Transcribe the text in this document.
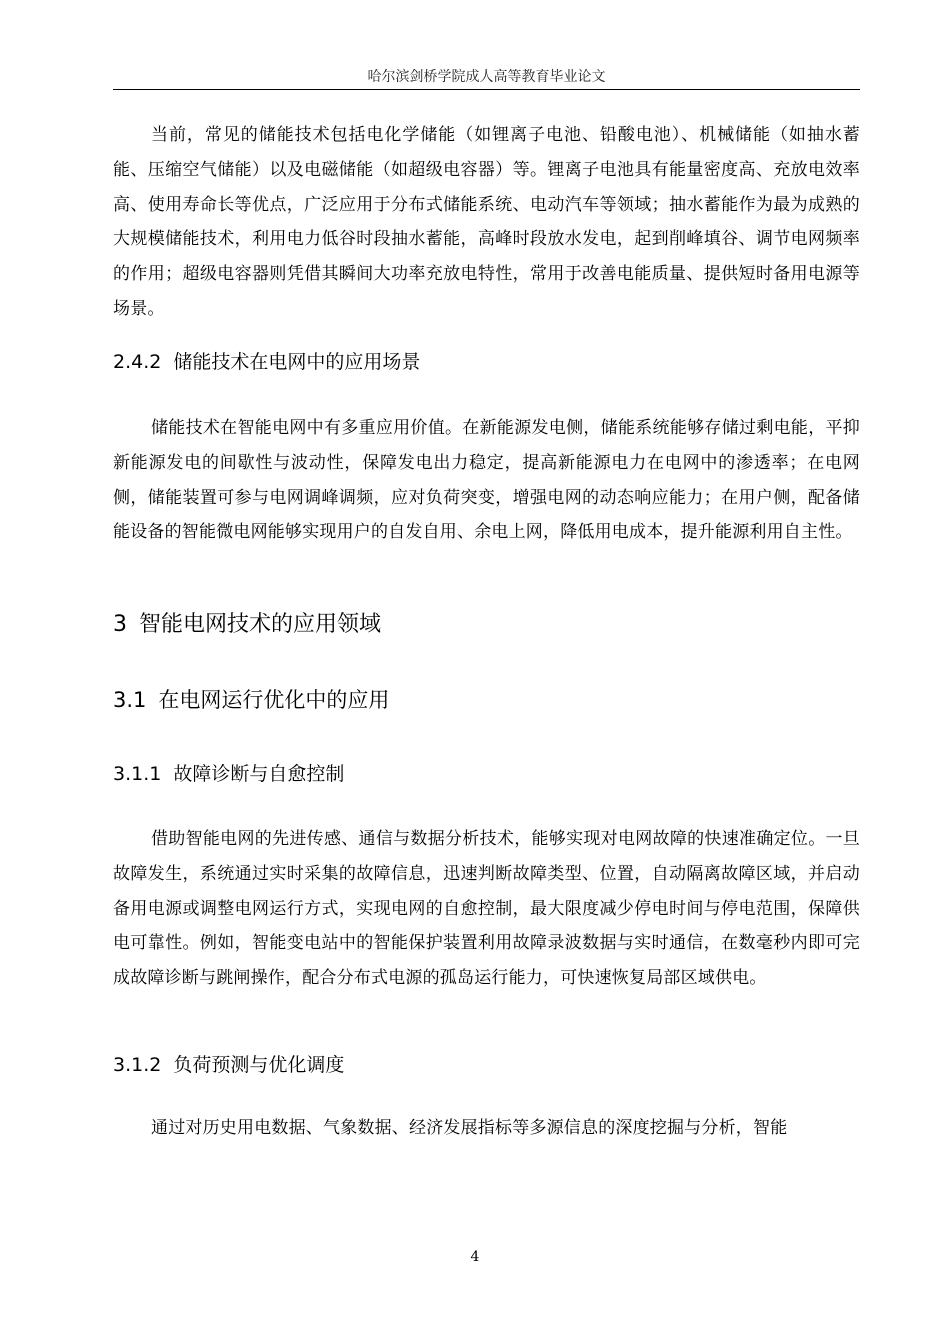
哈尔滨剑桥学院成人高等教育毕业论文

当前，常见的储能技术包括电化学储能（如锂离子电池、铅酸电池）、机械储能（如抽水蓄能、压缩空气储能）以及电磁储能（如超级电容器）等。锂离子电池具有能量密度高、充放电效率高、使用寿命长等优点，广泛应用于分布式储能系统、电动汽车等领域；抽水蓄能作为最为成熟的大规模储能技术，利用电力低谷时段抽水蓄能，高峰时段放水发电，起到削峰填谷、调节电网频率的作用；超级电容器则凭借其瞬间大功率充放电特性，常用于改善电能质量、提供短时备用电源等场景。

2.4.2 储能技术在电网中的应用场景

储能技术在智能电网中有多重应用价值。在新能源发电侧，储能系统能够存储过剩电能，平抑新能源发电的间歇性与波动性，保障发电出力稳定，提高新能源电力在电网中的渗透率；在电网侧，储能装置可参与电网调峰调频，应对负荷突变，增强电网的动态响应能力；在用户侧，配备储能设备的智能微电网能够实现用户的自发自用、余电上网，降低用电成本，提升能源利用自主性。

3 智能电网技术的应用领域
3.1 在电网运行优化中的应用
3.1.1 故障诊断与自愈控制

借助智能电网的先进传感、通信与数据分析技术，能够实现对电网故障的快速准确定位。一旦故障发生，系统通过实时采集的故障信息，迅速判断故障类型、位置，自动隔离故障区域，并启动备用电源或调整电网运行方式，实现电网的自愈控制，最大限度减少停电时间与停电范围，保障供电可靠性。例如，智能变电站中的智能保护装置利用故障录波数据与实时通信，在数毫秒内即可完成故障诊断与跳闸操作，配合分布式电源的孤岛运行能力，可快速恢复局部区域供电。

3.1.2 负荷预测与优化调度

通过对历史用电数据、气象数据、经济发展指标等多源信息的深度挖掘与分析，智能

4
